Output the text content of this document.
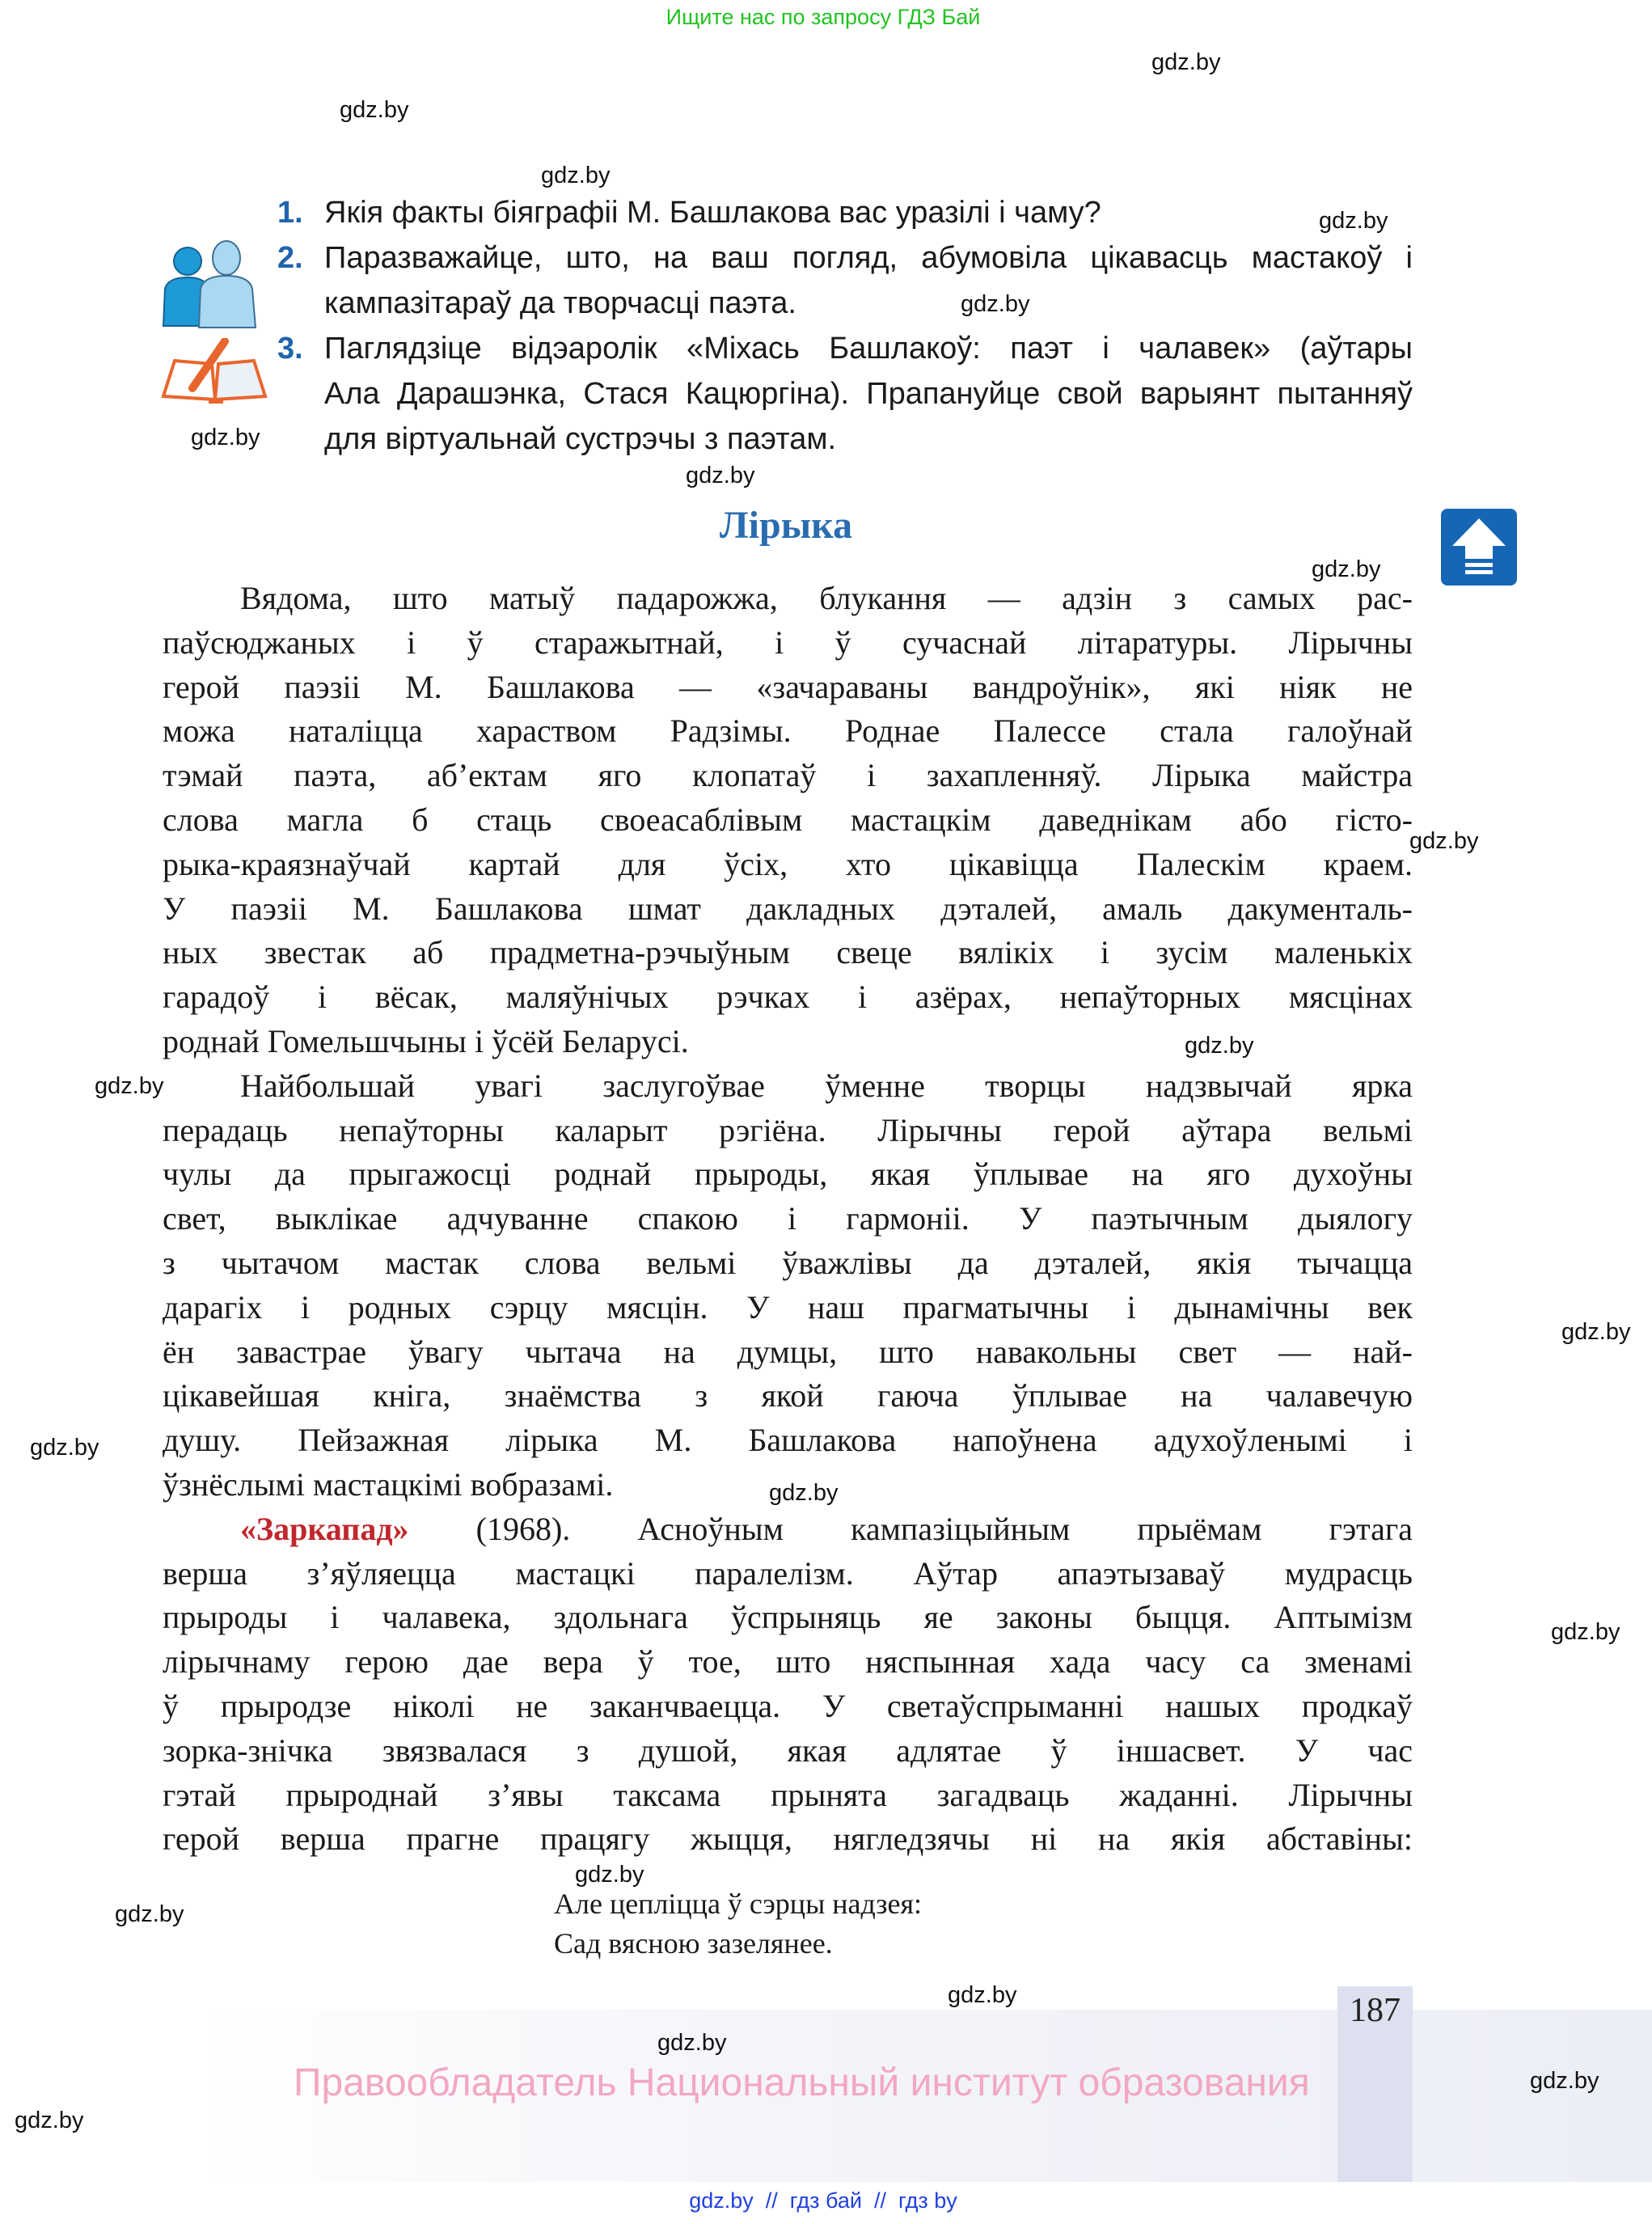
Ищите нас по запросу ГДЗ Бай
gdz.by
gdz.by
gdz.by
gdz.by
gdz.by
gdz.by
gdz.by
gdz.by
gdz.by
gdz.by
gdz.by
gdz.by
gdz.by
gdz.by
gdz.by
gdz.by
gdz.by
gdz.by
gdz.by
gdz.by
gdz.by
1. Якія факты біяграфіі М. Башлакова вас уразілі і чаму?
2. Паразважайце, што, на ваш погляд, абумовіла цікавасць мастакоў і
кампазітараў да творчасці паэта.
3. Паглядзіце відэаролік «Міхась Башлакоў: паэт і чалавек» (аўтары
Ала Дарашэнка, Стася Кацюргіна). Прапануйце свой варыянт пытанняў
для віртуальнай сустрэчы з паэтам.
Лірыка
Вядома, што матыў падарожжа, блукання — адзін з самых рас-
паўсюджаных і ў старажытнай, і ў сучаснай літаратуры. Лірычны
герой паэзіі М. Башлакова — «зачараваны вандроўнік», які ніяк не
можа наталіцца хараством Радзімы. Роднае Палессе стала галоўнай
тэмай паэта, аб’ектам яго клопатаў і захапленняў. Лірыка майстра
слова магла б стаць своеасаблівым мастацкім даведнікам або гісто-
рыка-краязнаўчай картай для ўсіх, хто цікавіцца Палескім краем.
У паэзіі М. Башлакова шмат дакладных дэталей, амаль дакументаль-
ных звестак аб прадметна-рэчыўным свеце вялікіх і зусім маленькіх
гарадоў і вёсак, маляўнічых рэчках і азёрах, непаўторных мясцінах
роднай Гомельшчыны і ўсёй Беларусі.
Найбольшай увагі заслугоўвае ўменне творцы надзвычай ярка
перадаць непаўторны каларыт рэгіёна. Лірычны герой аўтара вельмі
чулы да прыгажосці роднай прыроды, якая ўплывае на яго духоўны
свет, выклікае адчуванне спакою і гармоніі. У паэтычным дыялогу
з чытачом мастак слова вельмі ўважлівы да дэталей, якія тычацца
дарагіх і родных сэрцу мясцін. У наш прагматычны і дынамічны век
ён завастрае ўвагу чытача на думцы, што навакольны свет — най-
цікавейшая кніга, знаёмства з якой гаюча ўплывае на чалавечую
душу. Пейзажная лірыка М. Башлакова напоўнена адухоўленымі і
ўзнёслымі мастацкімі вобразамі.
«Заркапад» (1968). Асноўным кампазіцыйным прыёмам гэтага
верша з’яўляецца мастацкі паралелізм. Аўтар апаэтызаваў мудрасць
прыроды і чалавека, здольнага ўспрыняць яе законы быцця. Аптымізм
лірычнаму герою дае вера ў тое, што няспынная хада часу са зменамі
ў прыродзе ніколі не заканчваецца. У светаўспрыманні нашых продкаў
зорка-знічка звязвалася з душой, якая адлятае ў іншасвет. У час
гэтай прыроднай з’явы таксама прынята загадваць жаданні. Лірычны
герой верша прагне працягу жыцця, нягледзячы ні на якія абставіны:
Але цепліцца ў сэрцы надзея:
Сад вясною зазелянее.
187
Правообладатель Национальный институт образования
gdz.by  //  гдз бай  //  гдз by
